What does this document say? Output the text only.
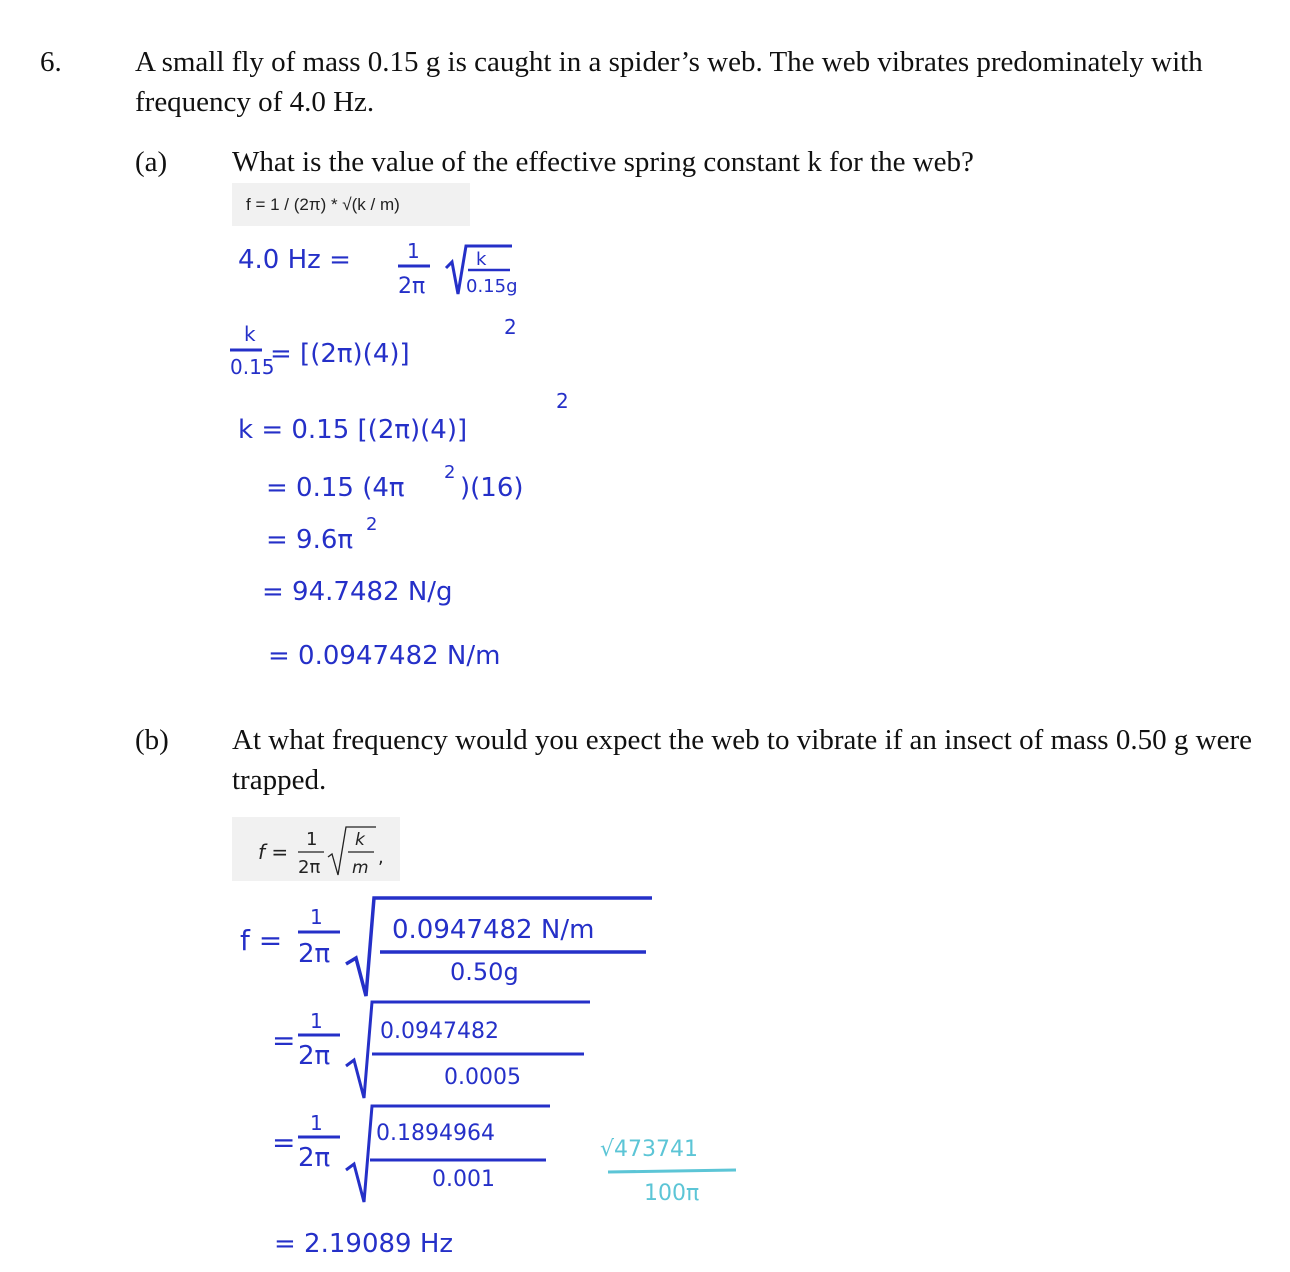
6.	A small fly of mass 0.15 g is caught in a spider’s web. The web vibrates predominately with frequency of 4.0 Hz.
(a) What is the value of the effective spring constant k for the web?
f = 1 / (2π) * √(k / m)
4.0 Hz =	1
2π
k
0.15g
k
0.15
= [(2π)(4)]
2
k = 0.15 [(2π)(4)]
2
= 0.15 (4π
2
)(16)
= 9.6π
2
= 94.7482 N/g
= 0.0947482 N/m
(b) At what frequency would you expect the web to vibrate if an insect of mass 0.50 g were trapped.
f =
1
2π
k
m ,
f =
1
2π
0.0947482 N/m
0.50g
=
1
2π
0.0947482
0.0005
=
1
2π
0.1894964
0.001
= 2.19089 Hz
√473741
100π
